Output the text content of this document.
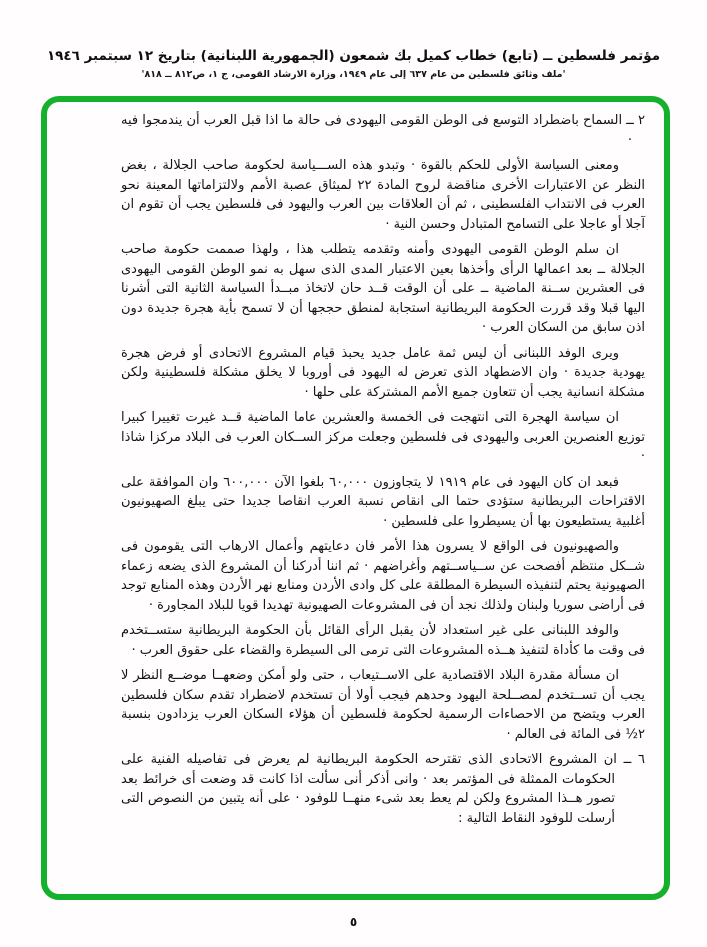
مؤتمر فلسطين ــ (تابع) خطاب كميل بك شمعون (الجمهورية اللبنانية) بتاريخ ١٢ سبتمبر ١٩٤٦
'ملف وثائق فلسطين من عام ٦٣٧ إلى عام ١٩٤٩، وزارة الارشاد القومى، ج ١، ص٨١٢ ــ ٨١٨'

٢ ــ السماح باضطراد التوسع فى الوطن القومى اليهودى فى حالة ما اذا قبل العرب أن يندمجوا فيه ·

ومعنى السياسة الأولى للحكم بالقوة · وتبدو هذه الســـياسة لحكومة صاحب الجلالة ، بغض النظر عن الاعتبارات الأخرى مناقضة لروح المادة ٢٢ لميثاق عصبة الأمم ولالتزاماتها المعينة نحو العرب فى الانتداب الفلسطينى ، ثم أن العلاقات بين العرب واليهود فى فلسطين يجب أن تقوم ان آجلا أو عاجلا على التسامح المتبادل وحسن النية ·

ان سلم الوطن القومى اليهودى وأمنه وتقدمه يتطلب هذا ، ولهذا صممت حكومة صاحب الجلالة ــ بعد اعمالها الرأى وأخذها بعين الاعتبار المدى الذى سهل به نمو الوطن القومى اليهودى فى العشرين ســنة الماضية ــ على أن الوقت قــد حان لاتخاذ مبــدأ السياسة الثانية التى أشرنا اليها قبلا وقد قررت الحكومة البريطانية استجابة لمنطق حججها أن لا تسمح بأية هجرة جديدة دون اذن سابق من السكان العرب ·

ويرى الوفد اللبنانى أن ليس ثمة عامل جديد يحبذ قيام المشروع الاتحادى أو فرض هجرة يهودية جديدة · وان الاضطهاد الذى تعرض له اليهود فى أوروبا لا يخلق مشكلة فلسطينية ولكن مشكلة انسانية يجب أن تتعاون جميع الأمم المشتركة على حلها ·

ان سياسة الهجرة التى انتهجت فى الخمسة والعشرين عاما الماضية قــد غيرت تغييرا كبيرا توزيع العنصرين العربى واليهودى فى فلسطين وجعلت مركز الســكان العرب فى البلاد مركزا شاذا ·

فبعد ان كان اليهود فى عام ١٩١٩ لا يتجاوزون ٦٠,٠٠٠ بلغوا الآن ٦٠٠,٠٠٠ وان الموافقة على الاقتراحات البريطانية ستؤدى حتما الى انقاص نسبة العرب انقاصا جديدا حتى يبلغ الصهيونيون أغلبية يستطيعون بها أن يسيطروا على فلسطين ·

والصهيونيون فى الواقع لا يسرون هذا الأمر فان دعايتهم وأعمال الارهاب التى يقومون فى شــكل منتظم أفصحت عن ســياســتهم وأغراضهم · ثم اننا أدركنا أن المشروع الذى يضعه زعماء الصهيونية يحتم لتنفيذه السيطرة المطلقة على كل وادى الأردن ومنابع نهر الأردن وهذه المنابع توجد فى أراضى سوريا ولبنان ولذلك نجد أن فى المشروعات الصهيونية تهديدا قويا للبلاد المجاورة ·

والوفد اللبنانى على غير استعداد لأن يقبل الرأى القائل بأن الحكومة البريطانية ستســتخدم فى وقت ما كأداة لتنفيذ هــذه المشروعات التى ترمى الى السيطرة والقضاء على حقوق العرب ·

ان مسألة مقدرة البلاد الاقتصادية على الاســتيعاب ، حتى ولو أمكن وضعهــا موضــع النظر لا يجب أن تســتخدم لمصــلحة اليهود وحدهم فيجب أولا أن تستخدم لاضطراد تقدم سكان فلسطين العرب ويتضح من الاحصاءات الرسمية لحكومة فلسطين أن هؤلاء السكان العرب يزدادون بنسبة ٢½ فى المائة فى العالم ·

٦ ــ ان المشروع الاتحادى الذى تقترحه الحكومة البريطانية لم يعرض فى تفاصيله الفنية على الحكومات الممثلة فى المؤتمر بعد · وانى أذكر أنى سألت اذا كانت قد وضعت أى خرائط بعد تصور هــذا المشروع ولكن لم يعط بعد شىء منهــا للوفود · على أنه يتبين من النصوص التى أرسلت للوفود النقاط التالية :

٥
